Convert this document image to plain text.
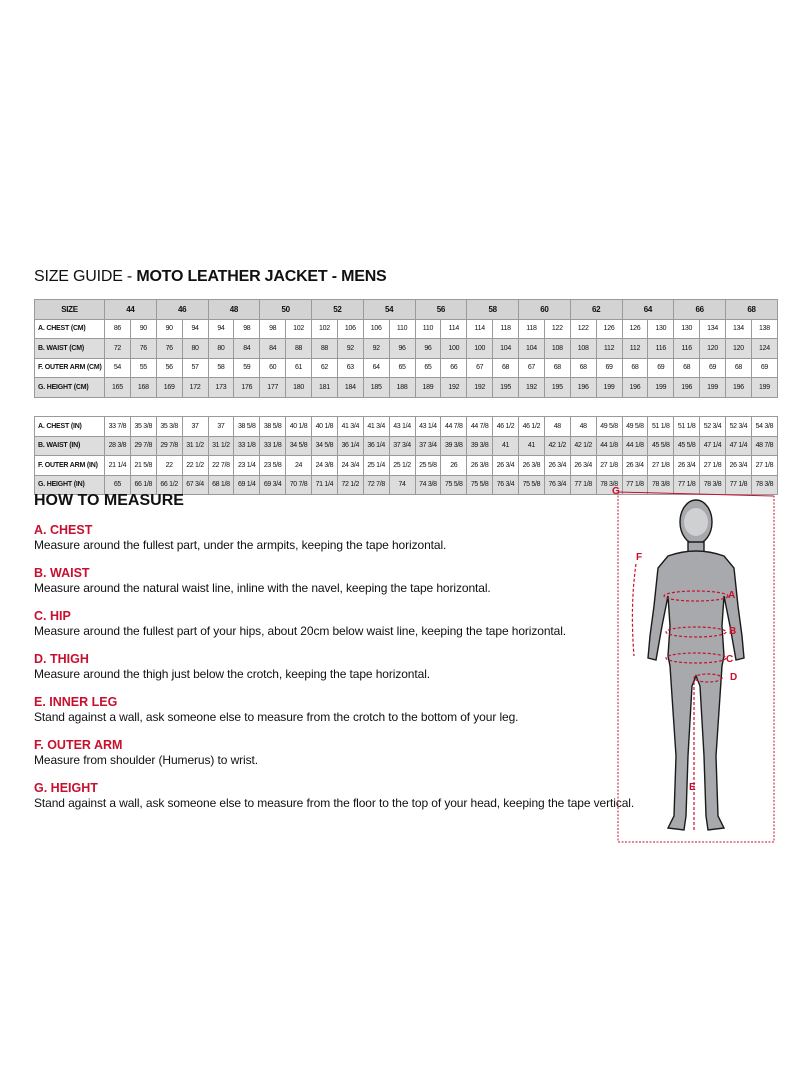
SIZE GUIDE - MOTO LEATHER JACKET - MENS
SIZE	44		46		48		50		52		54		56		58		60		62		64		66		68	
A. CHEST (CM)	86	90	90	94	94	98	98	102	102	106	106	110	110	114	114	118	118	122	122	126	126	130	130	134	134	138
B. WAIST (CM)	72	76	76	80	80	84	84	88	88	92	92	96	96	100	100	104	104	108	108	112	112	116	116	120	120	124
F. OUTER ARM (CM)	54	55	56	57	58	59	60	61	62	63	64	65	65	66	67	68	67	68	68	69	68	69	68	69	68	69
G. HEIGHT (CM)	165	168	169	172	173	176	177	180	181	184	185	188	189	192	192	195	192	195	196	199	196	199	196	199	196	199

A. CHEST (IN)	33 7/8	35 3/8	35 3/8	37	37	38 5/8	38 5/8	40 1/8	40 1/8	41 3/4	41 3/4	43 1/4	43 1/4	44 7/8	44 7/8	46 1/2	46 1/2	48	48	49 5/8	49 5/8	51 1/8	51 1/8	52 3/4	52 3/4	54 3/8
B. WAIST (IN)	28 3/8	29 7/8	29 7/8	31 1/2	31 1/2	33 1/8	33 1/8	34 5/8	34 5/8	36 1/4	36 1/4	37 3/4	37 3/4	39 3/8	39 3/8	41	41	42 1/2	42 1/2	44 1/8	44 1/8	45 5/8	45 5/8	47 1/4	47 1/4	48 7/8
F. OUTER ARM (IN)	21 1/4	21 5/8	22	22 1/2	22 7/8	23 1/4	23 5/8	24	24 3/8	24 3/4	25 1/4	25 1/2	25 5/8	26	26 3/8	26 3/4	26 3/8	26 3/4	26 3/4	27 1/8	26 3/4	27 1/8	26 3/4	27 1/8	26 3/4	27 1/8
G. HEIGHT (IN)	65	66 1/8	66 1/2	67 3/4	68 1/8	69 1/4	69 3/4	70 7/8	71 1/4	72 1/2	72 7/8	74	74 3/8	75 5/8	75 5/8	76 3/4	75 5/8	76 3/4	77 1/8	78 3/8	77 1/8	78 3/8	77 1/8	78 3/8	77 1/8	78 3/8
HOW TO MEASURE
A. CHEST
Measure around the fullest part, under the armpits, keeping the tape horizontal.
B. WAIST
Measure around the natural waist line, inline with the navel, keeping the tape horizontal.
C. HIP
Measure around the fullest part of your hips, about 20cm below waist line, keeping the tape horizontal.
D. THIGH
Measure around the thigh just below the crotch, keeping the tape horizontal.
E. INNER LEG
Stand against a wall, ask someone else to measure from the crotch to the bottom of your leg.
F. OUTER ARM
Measure from shoulder (Humerus) to wrist.
G. HEIGHT
Stand against a wall, ask someone else to measure from the floor to the top of your head, keeping the tape vertical.
G
A
B
C
D
E
F
